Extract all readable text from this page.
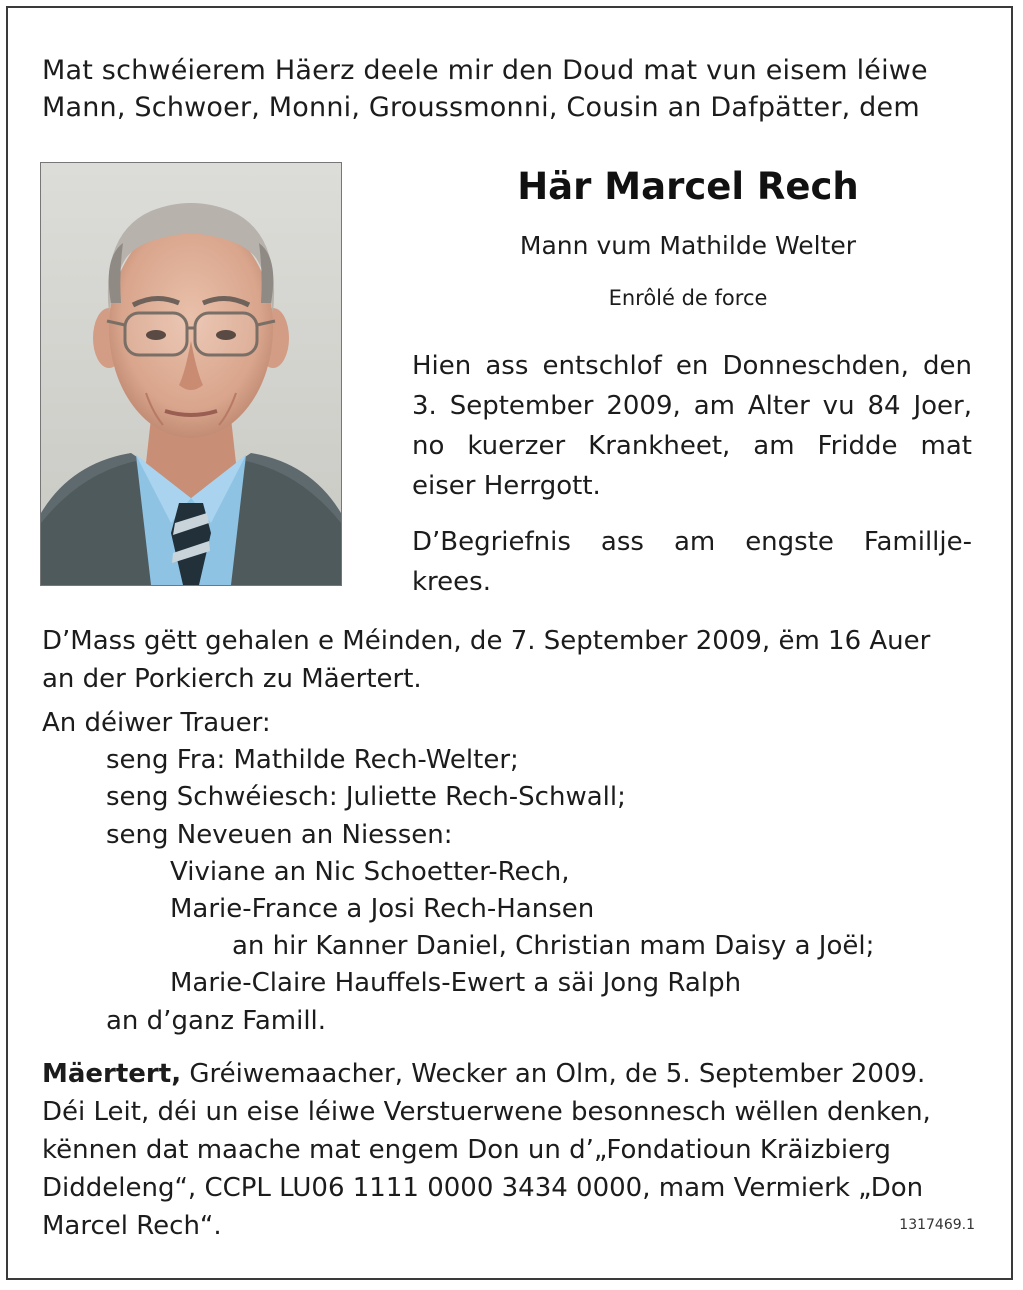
Mat schwéierem Häerz deele mir den Doud mat vun eisem léiwe
Mann, Schwoer, Monni, Groussmonni, Cousin an Dafpätter, dem
Här Marcel Rech
Mann vum Mathilde Welter
Enrôlé de force
Hien ass entschlof en Donneschden, den
3. September 2009, am Alter vu 84 Joer,
no kuerzer Krankheet, am Fridde mat
eiser Herrgott.
D’Begriefnis ass am engste Famillje-
krees.
D’Mass gëtt gehalen e Méinden, de 7. September 2009, ëm 16 Auer
an der Porkierch zu Mäertert.
An déiwer Trauer:
seng Fra: Mathilde Rech-Welter;
seng Schwéiesch: Juliette Rech-Schwall;
seng Neveuen an Niessen:
Viviane an Nic Schoetter-Rech,
Marie-France a Josi Rech-Hansen
an hir Kanner Daniel, Christian mam Daisy a Joël;
Marie-Claire Hauffels-Ewert a säi Jong Ralph
an d’ganz Famill.
Mäertert, Gréiwemaacher, Wecker an Olm, de 5. September 2009.
Déi Leit, déi un eise léiwe Verstuerwene besonnesch wëllen denken,
kënnen dat maache mat engem Don un d’„Fondatioun Kräizbierg
Diddeleng“, CCPL LU06 1111 0000 3434 0000, mam Vermierk „Don
Marcel Rech“.	1317469.1
